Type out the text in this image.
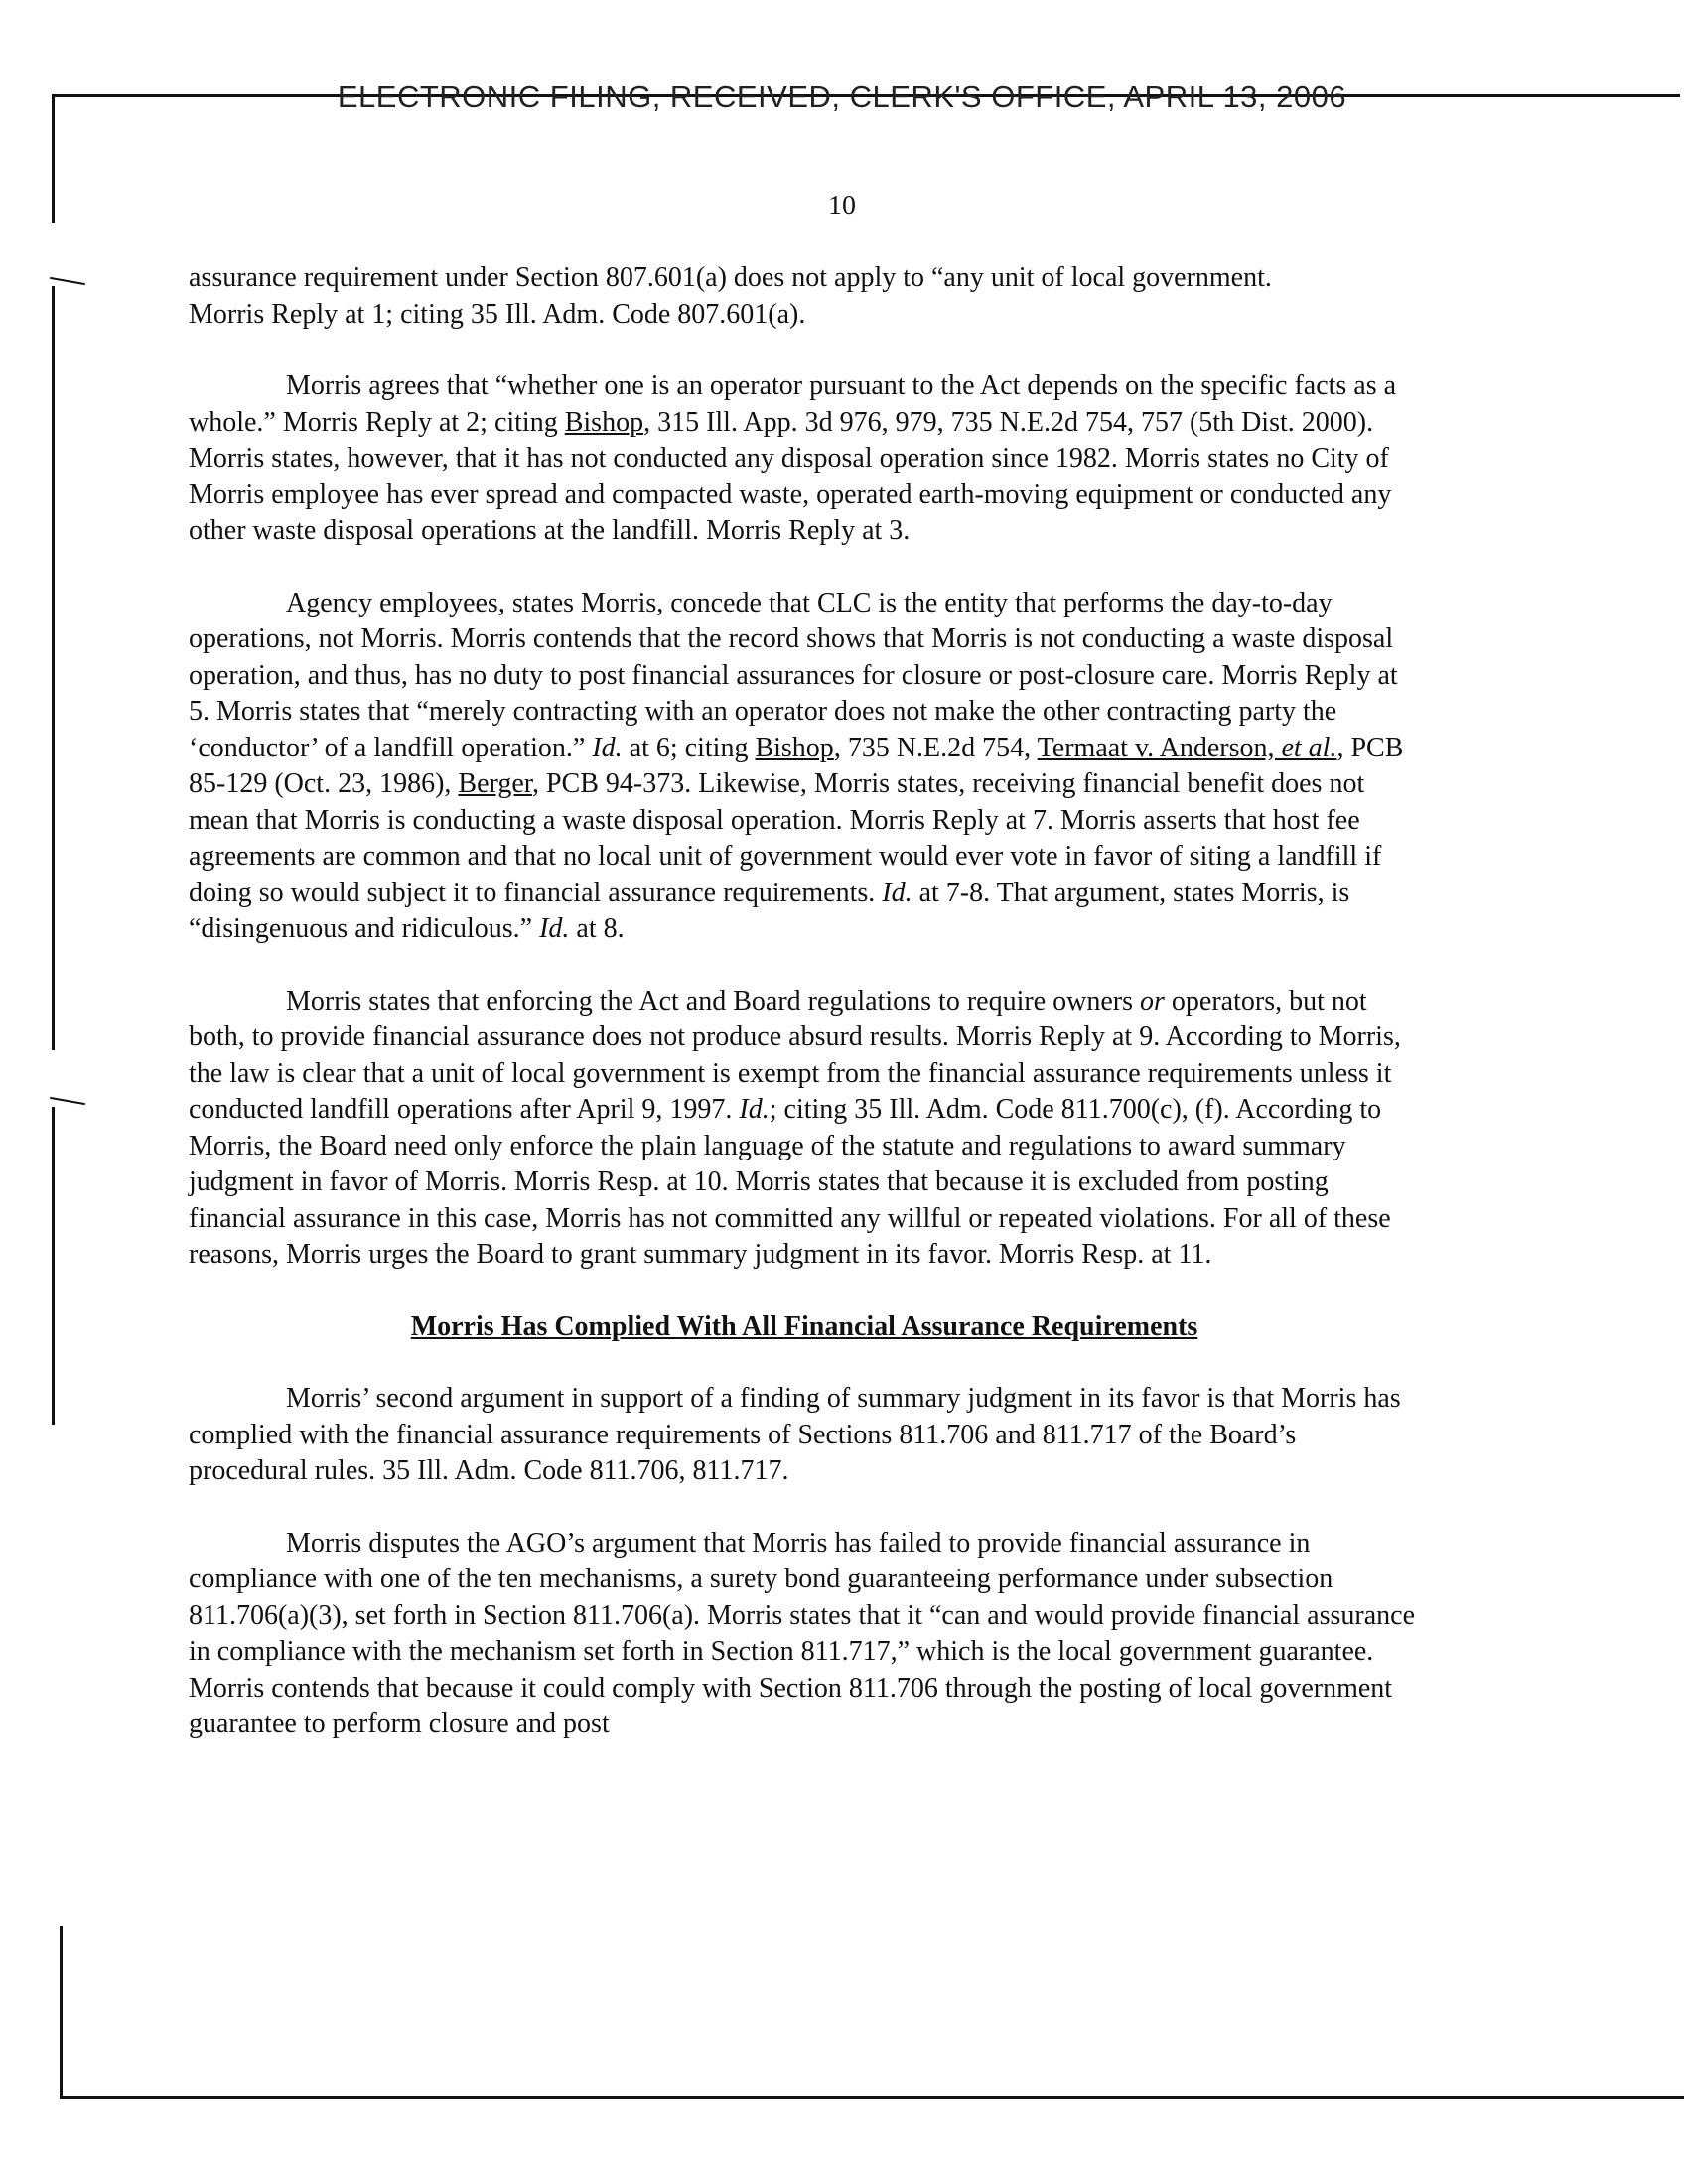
ELECTRONIC FILING, RECEIVED, CLERK'S OFFICE, APRIL 13, 2006
10

assurance requirement under Section 807.601(a) does not apply to “any unit of local government.
Morris Reply at 1; citing 35 Ill. Adm. Code 807.601(a).

Morris agrees that “whether one is an operator pursuant to the Act depends on the specific facts as a whole.” Morris Reply at 2; citing Bishop, 315 Ill. App. 3d 976, 979, 735 N.E.2d 754, 757 (5th Dist. 2000). Morris states, however, that it has not conducted any disposal operation since 1982. Morris states no City of Morris employee has ever spread and compacted waste, operated earth-moving equipment or conducted any other waste disposal operations at the landfill. Morris Reply at 3.

Agency employees, states Morris, concede that CLC is the entity that performs the day-to-day operations, not Morris. Morris contends that the record shows that Morris is not conducting a waste disposal operation, and thus, has no duty to post financial assurances for closure or post-closure care. Morris Reply at 5. Morris states that “merely contracting with an operator does not make the other contracting party the ‘conductor’ of a landfill operation.” Id. at 6; citing Bishop, 735 N.E.2d 754, Termaat v. Anderson, et al., PCB 85-129 (Oct. 23, 1986), Berger, PCB 94-373. Likewise, Morris states, receiving financial benefit does not mean that Morris is conducting a waste disposal operation. Morris Reply at 7. Morris asserts that host fee agreements are common and that no local unit of government would ever vote in favor of siting a landfill if doing so would subject it to financial assurance requirements. Id. at 7-8. That argument, states Morris, is “disingenuous and ridiculous.” Id. at 8.

Morris states that enforcing the Act and Board regulations to require owners or operators, but not both, to provide financial assurance does not produce absurd results. Morris Reply at 9. According to Morris, the law is clear that a unit of local government is exempt from the financial assurance requirements unless it conducted landfill operations after April 9, 1997. Id.; citing 35 Ill. Adm. Code 811.700(c), (f). According to Morris, the Board need only enforce the plain language of the statute and regulations to award summary judgment in favor of Morris. Morris Resp. at 10. Morris states that because it is excluded from posting financial assurance in this case, Morris has not committed any willful or repeated violations. For all of these reasons, Morris urges the Board to grant summary judgment in its favor. Morris Resp. at 11.

Morris Has Complied With All Financial Assurance Requirements

Morris’ second argument in support of a finding of summary judgment in its favor is that Morris has complied with the financial assurance requirements of Sections 811.706 and 811.717 of the Board’s procedural rules. 35 Ill. Adm. Code 811.706, 811.717.

Morris disputes the AGO’s argument that Morris has failed to provide financial assurance in compliance with one of the ten mechanisms, a surety bond guaranteeing performance under subsection 811.706(a)(3), set forth in Section 811.706(a). Morris states that it “can and would provide financial assurance in compliance with the mechanism set forth in Section 811.717,” which is the local government guarantee. Morris contends that because it could comply with Section 811.706 through the posting of local government guarantee to perform closure and post
